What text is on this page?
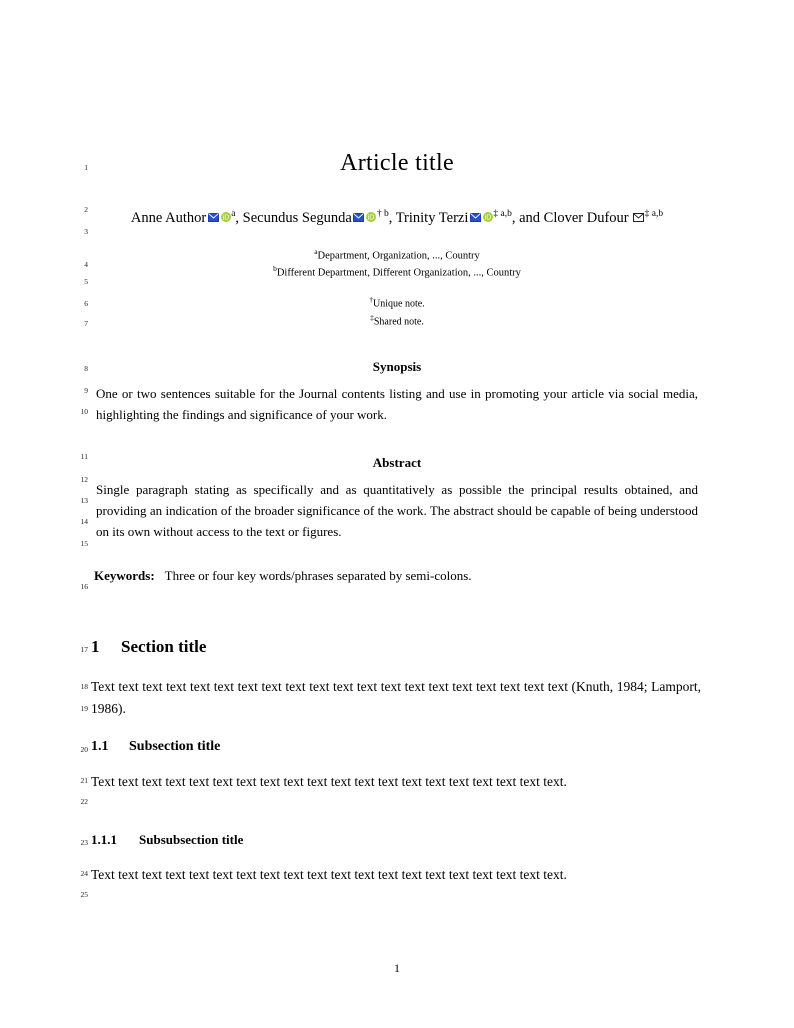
1
2
3
4
5
6
7
8
9
10
11
12
13
14
15
16
17
18
19
20
21
22
23
24
25
Article title
Anne Author iD $^a$, Secundus Segunda iD $^{\dagger b}$, Trinity Terzi iD $^{\ddagger a,b}$, and Clover Dufour $^{\ddagger a,b}$
$^a$Department, Organization, ..., Country
$^b$Different Department, Different Organization, ..., Country
†Unique note.
‡Shared note.
Synopsis

One or two sentences suitable for the Journal contents listing and use in promoting your article via social media, highlighting the findings and significance of your work.

Abstract

Single paragraph stating as specifically and as quantitatively as possible the principal results obtained, and providing an indication of the broader significance of the work. The abstract should be capable of being understood on its own without access to the text or figures.

Keywords: Three or four key words/phrases separated by semi-colons.
1 Section title

Text text text text text text text text text text text text text text text text text text text text (Knuth, 1984; Lamport, 1986).

1.1 Subsection title

Text text text text text text text text text text text text text text text text text text text text.

1.1.1 Subsubsection title

Text text text text text text text text text text text text text text text text text text text text.

1
